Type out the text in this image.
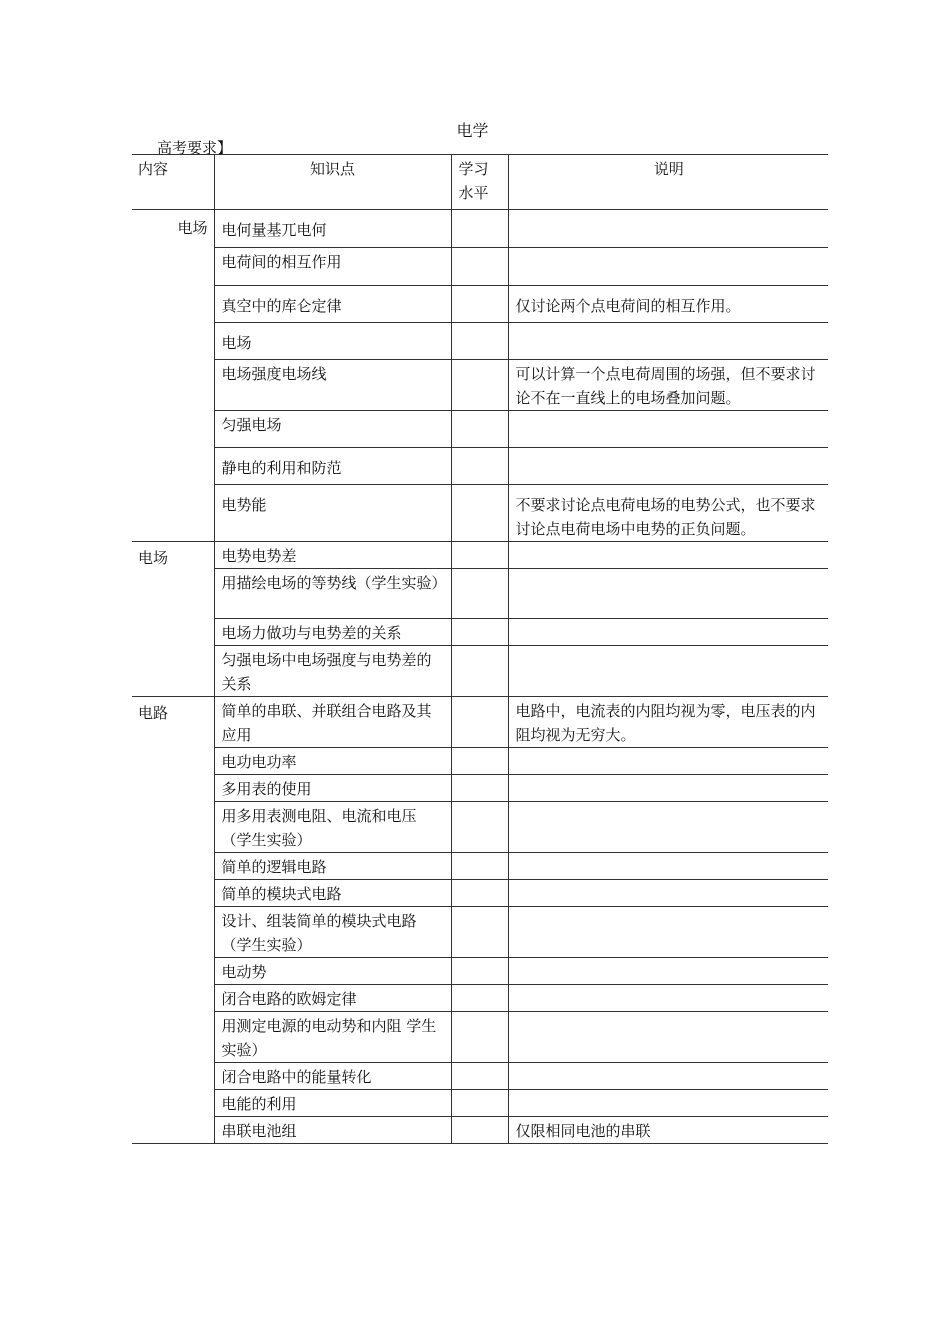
电学
高考要求】
内容	知识点	学习水平	说明
电场	电何量基兀电何		
	电荷间的相互作用		
	真空中的库仑定律		仅讨论两个点电荷间的相互作用。
	电场		
	电场强度电场线		可以计算一个点电荷周围的场强，但不要求讨论不在一直线上的电场叠加问题。
	匀强电场		
	静电的利用和防范		
	电势能		不要求讨论点电荷电场的电势公式，也不要求讨论点电荷电场中电势的正负问题。
电场	电势电势差		
	用描绘电场的等势线（学生实验）		
	电场力做功与电势差的关系		
	匀强电场中电场强度与电势差的关系		
电路	简单的串联、并联组合电路及其应用		电路中，电流表的内阻均视为零，电压表的内阻均视为无穷大。
	电功电功率		
	多用表的使用		
	用多用表测电阻、电流和电压（学生实验）		
	简单的逻辑电路		
	简单的模块式电路		
	设计、组装简单的模块式电路（学生实验）		
	电动势		
	闭合电路的欧姆定律		
	用测定电源的电动势和内阻 学生实验）		
	闭合电路中的能量转化		
	电能的利用		
	串联电池组		仅限相同电池的串联
